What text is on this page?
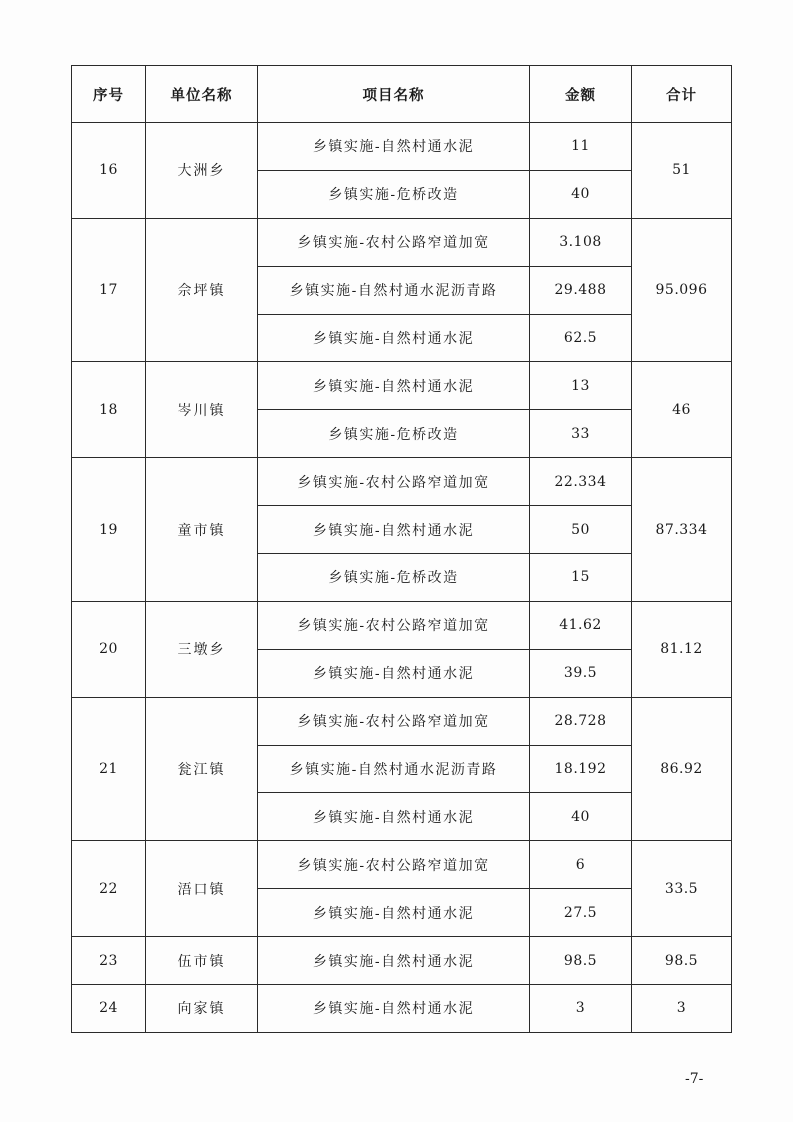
序号	单位名称	项目名称	金额	合计
16	大洲乡	乡镇实施-自然村通水泥	11	51
		乡镇实施-危桥改造	40	
17	佘坪镇	乡镇实施-农村公路窄道加宽	3.108	95.096
		乡镇实施-自然村通水泥沥青路	29.488	
		乡镇实施-自然村通水泥	62.5	
18	岑川镇	乡镇实施-自然村通水泥	13	46
		乡镇实施-危桥改造	33	
19	童市镇	乡镇实施-农村公路窄道加宽	22.334	87.334
		乡镇实施-自然村通水泥	50	
		乡镇实施-危桥改造	15	
20	三墩乡	乡镇实施-农村公路窄道加宽	41.62	81.12
		乡镇实施-自然村通水泥	39.5	
21	瓮江镇	乡镇实施-农村公路窄道加宽	28.728	86.92
		乡镇实施-自然村通水泥沥青路	18.192	
		乡镇实施-自然村通水泥	40	
22	浯口镇	乡镇实施-农村公路窄道加宽	6	33.5
		乡镇实施-自然村通水泥	27.5	
23	伍市镇	乡镇实施-自然村通水泥	98.5	98.5
24	向家镇	乡镇实施-自然村通水泥	3	3
-7-
